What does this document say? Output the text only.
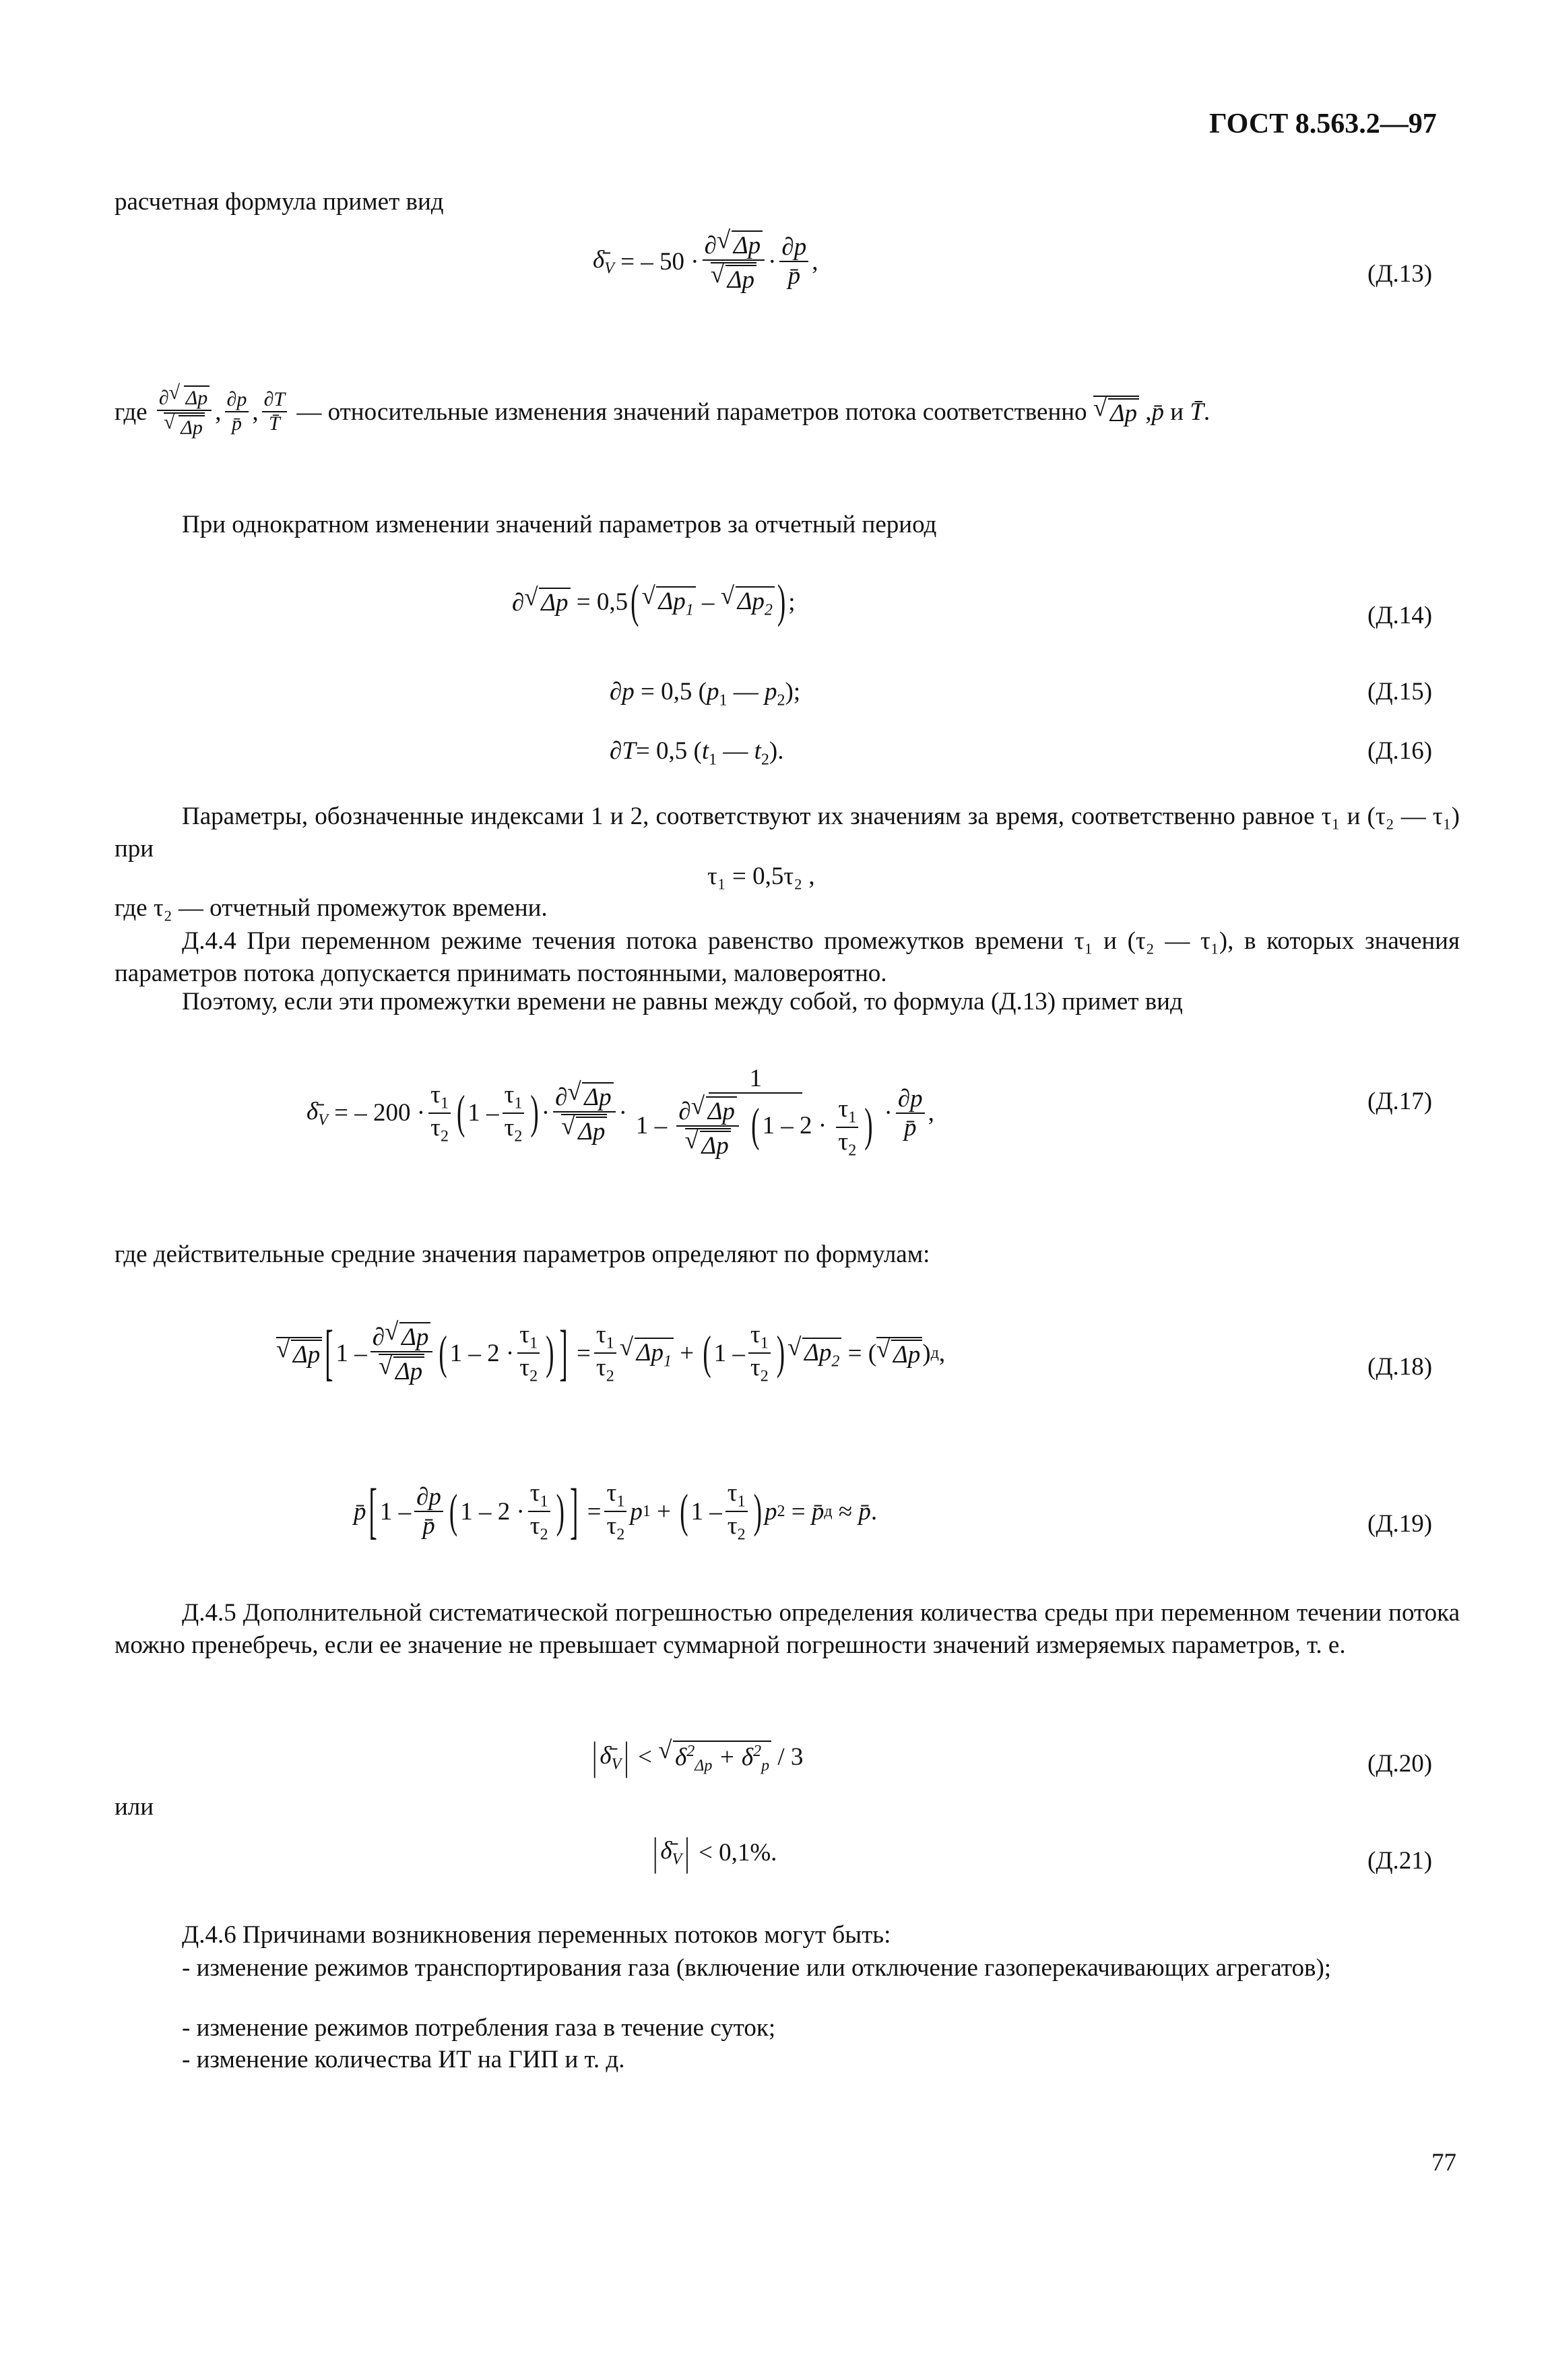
ГОСТ 8.563.2—97
расчетная формула примет вид
$\deltā_V$
= – 50 · ∂ √ Δp
√ $\Delta p \cdot \frac{\partial p}{p̄}$ ,	(Д.13)
где
∂ √ Δp
√ Δp , $\frac{\partial p}{p̄}$ , $\frac{\partial T}{T̄}$
— относительные изменения значений параметров потока соответственно
√ Δp , p̄
и
T̄ .
При однократном изменении значений параметров за отчетный период
∂ √ Δp
= 0,5 ( √ $\Delta p_1$ – √ $\Delta p_2$ ) ;	(Д.14)
∂p = 0,5 ($p_1$ — $p_2$);	(Д.15)
∂T= 0,5 ($t_1$ — $t_2$).	(Д.16)
Параметры, обозначенные индексами 1 и 2, соответствуют их значениям за время, соответственно равное τ₁ и (τ₂ — τ₁) при
τ₁ = 0,5τ₂ ,
где τ₂ — отчетный промежуток времени.
Д.4.4 При переменном режиме течения потока равенство промежутков времени τ₁ и (τ₂ — τ₁), в которых значения параметров потока допускается принимать постоянными, маловероятно.
Поэтому, если эти промежутки времени не равны между собой, то формула (Д.13) примет вид
$\deltā_V$
= – $200 \cdot \frac{\tau_1}{\tau_2}$ ( $1 - \frac{\tau_1}{\tau_2}$ ) · ∂ √ Δp
√ Δp · 1
1 – ∂ √ Δp
√ Δp ( $1 - 2 \cdot \frac{\tau_1}{\tau_2}$ ) · $\frac{\partial p}{p̄}$ ,	(Д.17)
где действительные средние значения параметров определяют по формулам:
√ Δp [ 1 – ∂ √ Δp
√ Δp ( $1 - 2 \cdot \frac{\tau_1}{\tau_2}$ ) ] = $\frac{\tau_1}{\tau_2}$ √ $\Delta p_1$ + ( $1 - \frac{\tau_1}{\tau_2}$ ) √ $\Delta p_2$ = ( √ Δp ) д ,	(Д.18)
p̄ [ $1 - \frac{\partial p}{p̄}$ ( $1 - 2 \cdot \frac{\tau_1}{\tau_2}$ ) ] = $\frac{\tau_1}{\tau_2}$ p 1 + ( $1 - \frac{\tau_1}{\tau_2}$ ) p 2 = p̄ д ≈ p̄ .	(Д.19)
Д.4.5 Дополнительной систематической погрешностью определения количества среды при переменном течении потока можно пренебречь, если ее значение не превышает суммарной погрешности значений измеряемых параметров, т. е.
| $\deltā_V$ | < √ $\delta^2_{\Delta p} + \delta^2_p$
/ 3	(Д.20)
или
| $\deltā_V$ |
< 0,1%.	(Д.21)
Д.4.6 Причинами возникновения переменных потоков могут быть:
- изменение режимов транспортирования газа (включение или отключение газоперекачивающих агрегатов);
- изменение режимов потребления газа в течение суток;
- изменение количества ИТ на ГИП и т. д.
77
